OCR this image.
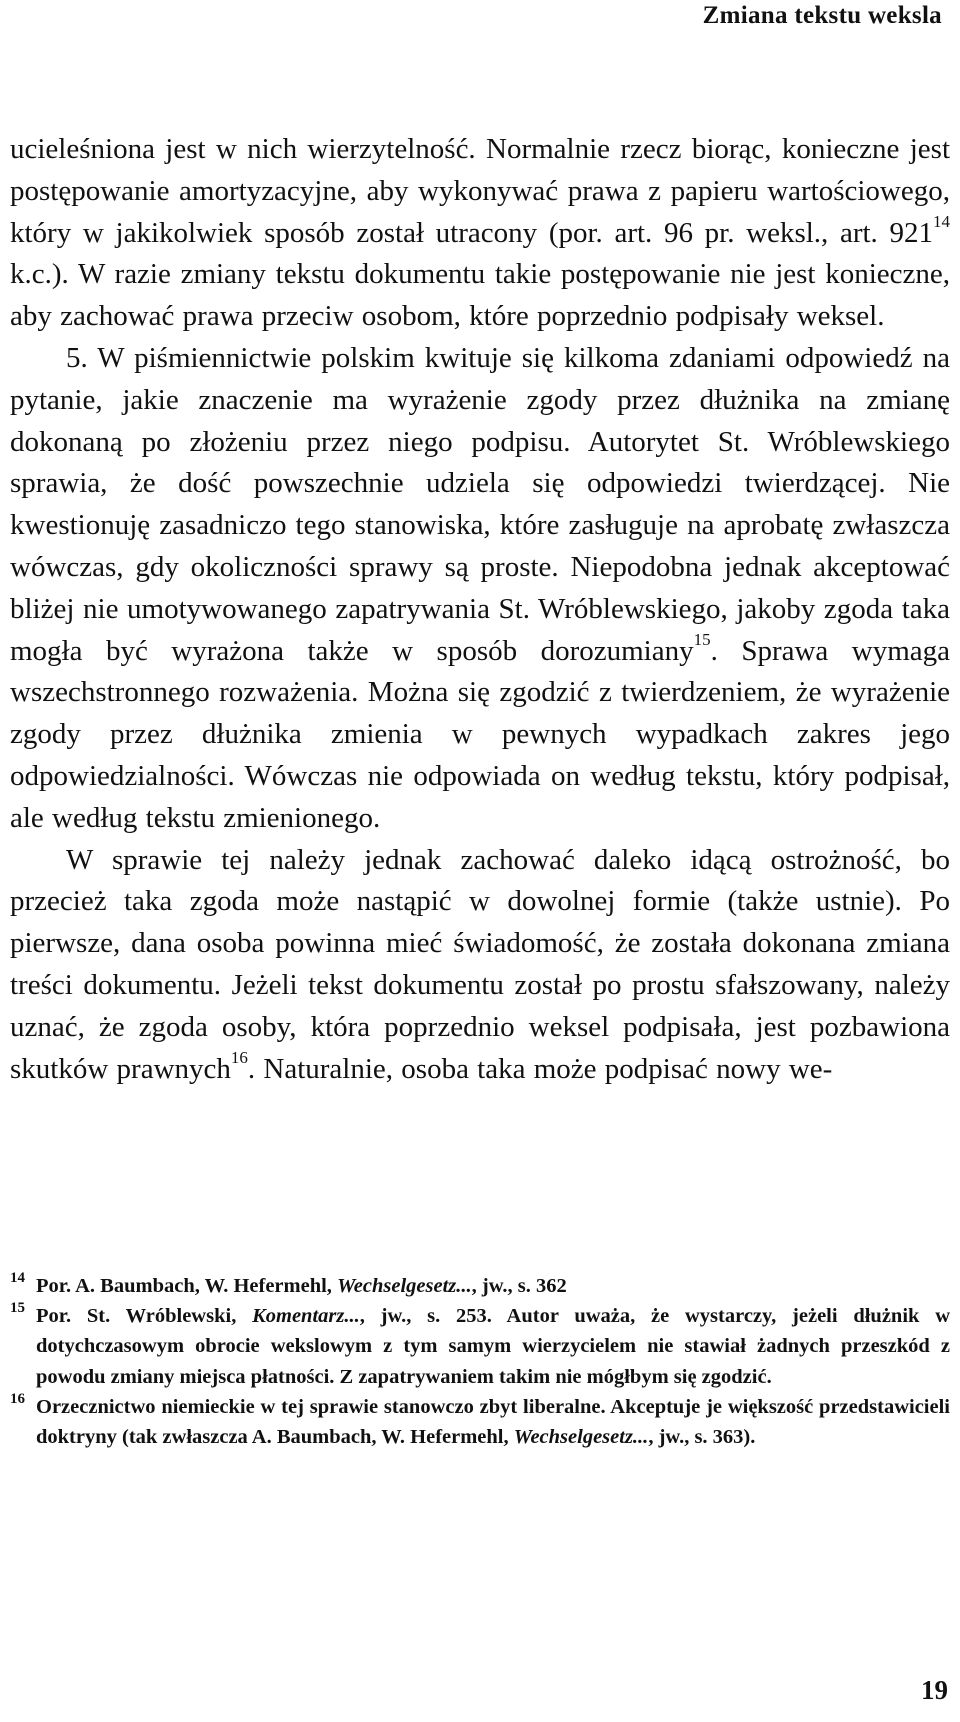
Zmiana tekstu weksla

ucieleśniona jest w nich wierzytelność. Normalnie rzecz biorąc, konieczne jest postępowanie amortyzacyjne, aby wykonywać prawa z papieru wartościowego, który w jakikolwiek sposób został utracony (por. art. 96 pr. weksl., art. $921^{14}$ k.c.). W razie zmiany tekstu dokumentu takie postępowanie nie jest konieczne, aby zachować prawa przeciw osobom, które poprzednio podpisały weksel.

5. W piśmiennictwie polskim kwituje się kilkoma zdaniami odpowiedź na pytanie, jakie znaczenie ma wyrażenie zgody przez dłużnika na zmianę dokonaną po złożeniu przez niego podpisu. Autorytet St. Wróblewskiego sprawia, że dość powszechnie udziela się odpowiedzi twierdzącej. Nie kwestionuję zasadniczo tego stanowiska, które zasługuje na aprobatę zwłaszcza wówczas, gdy okoliczności sprawy są proste. Niepodobna jednak akceptować bliżej nie umotywowanego zapatrywania St. Wróblewskiego, jakoby zgoda taka mogła być wyrażona także w sposób dorozumiany$^{15}$. Sprawa wymaga wszechstronnego rozważenia. Można się zgodzić z twierdzeniem, że wyrażenie zgody przez dłużnika zmienia w pewnych wypadkach zakres jego odpowiedzialności. Wówczas nie odpowiada on według tekstu, który podpisał, ale według tekstu zmienionego.

W sprawie tej należy jednak zachować daleko idącą ostrożność, bo przecież taka zgoda może nastąpić w dowolnej formie (także ustnie). Po pierwsze, dana osoba powinna mieć świadomość, że została dokonana zmiana treści dokumentu. Jeżeli tekst dokumentu został po prostu sfałszowany, należy uznać, że zgoda osoby, która poprzednio weksel podpisała, jest pozbawiona skutków prawnych$^{16}$. Naturalnie, osoba taka może podpisać nowy we-

14 Por. A. Baumbach, W. Hefermehl, Wechselgesetz..., jw., s. 362
15 Por. St. Wróblewski, Komentarz..., jw., s. 253. Autor uważa, że wystarczy, jeżeli dłużnik w dotychczasowym obrocie wekslowym z tym samym wierzycielem nie stawiał żadnych przeszkód z powodu zmiany miejsca płatności. Z zapatrywaniem takim nie mógłbym się zgodzić.
16 Orzecznictwo niemieckie w tej sprawie stanowczo zbyt liberalne. Akceptuje je większość przedstawicieli doktryny (tak zwłaszcza A. Baumbach, W. Hefermehl, Wechselgesetz..., jw., s. 363).
19
